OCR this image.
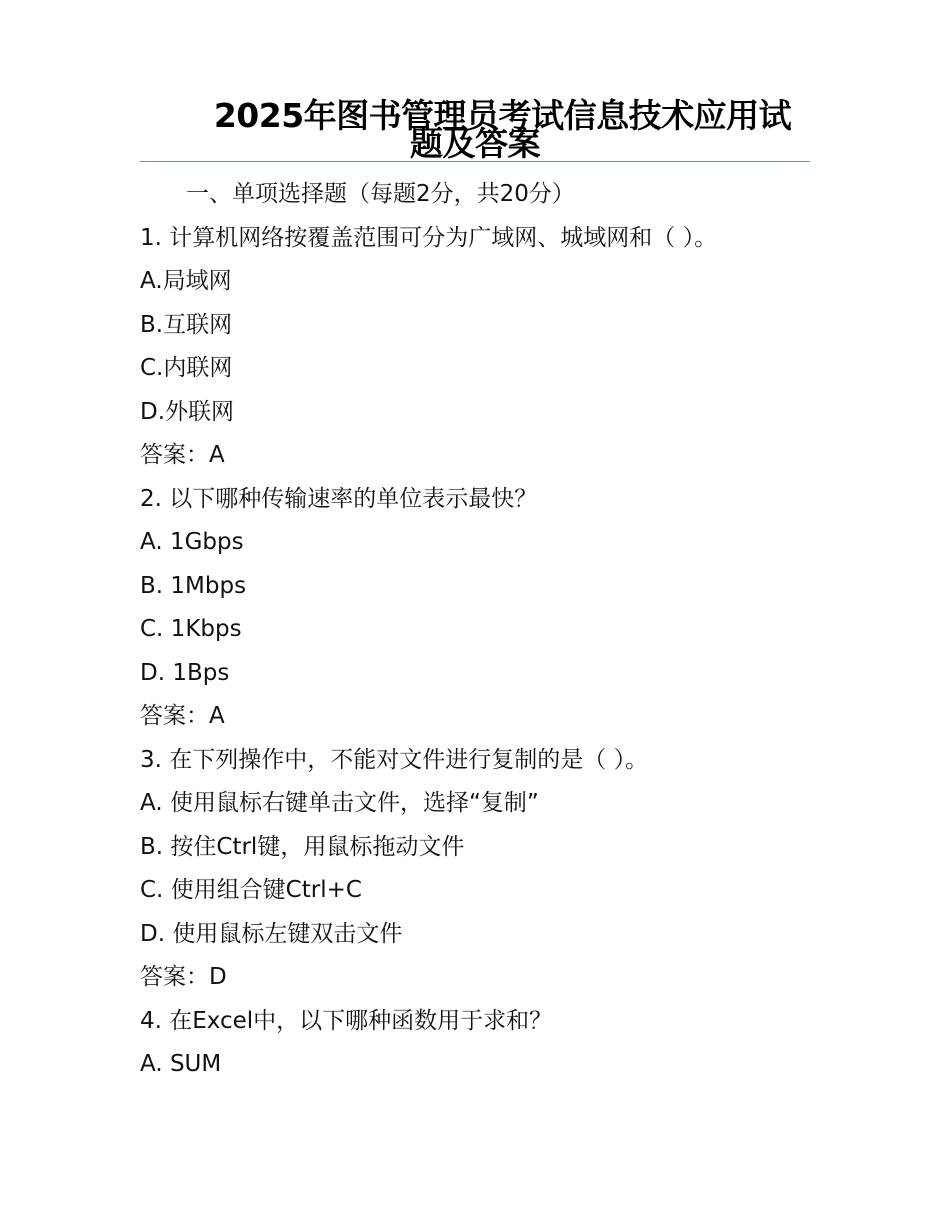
2025年图书管理员考试信息技术应用试
题及答案
一、单项选择题（每题2分，共20分）
1. 计算机网络按覆盖范围可分为广域网、城域网和（ ）。
A.局域网
B.互联网
C.内联网
D.外联网
答案：A
2. 以下哪种传输速率的单位表示最快？
A. 1Gbps
B. 1Mbps
C. 1Kbps
D. 1Bps
答案：A
3. 在下列操作中，不能对文件进行复制的是（ ）。
A. 使用鼠标右键单击文件，选择“复制”
B. 按住Ctrl键，用鼠标拖动文件
C. 使用组合键Ctrl+C
D. 使用鼠标左键双击文件
答案：D
4. 在Excel中，以下哪种函数用于求和？
A. SUM
